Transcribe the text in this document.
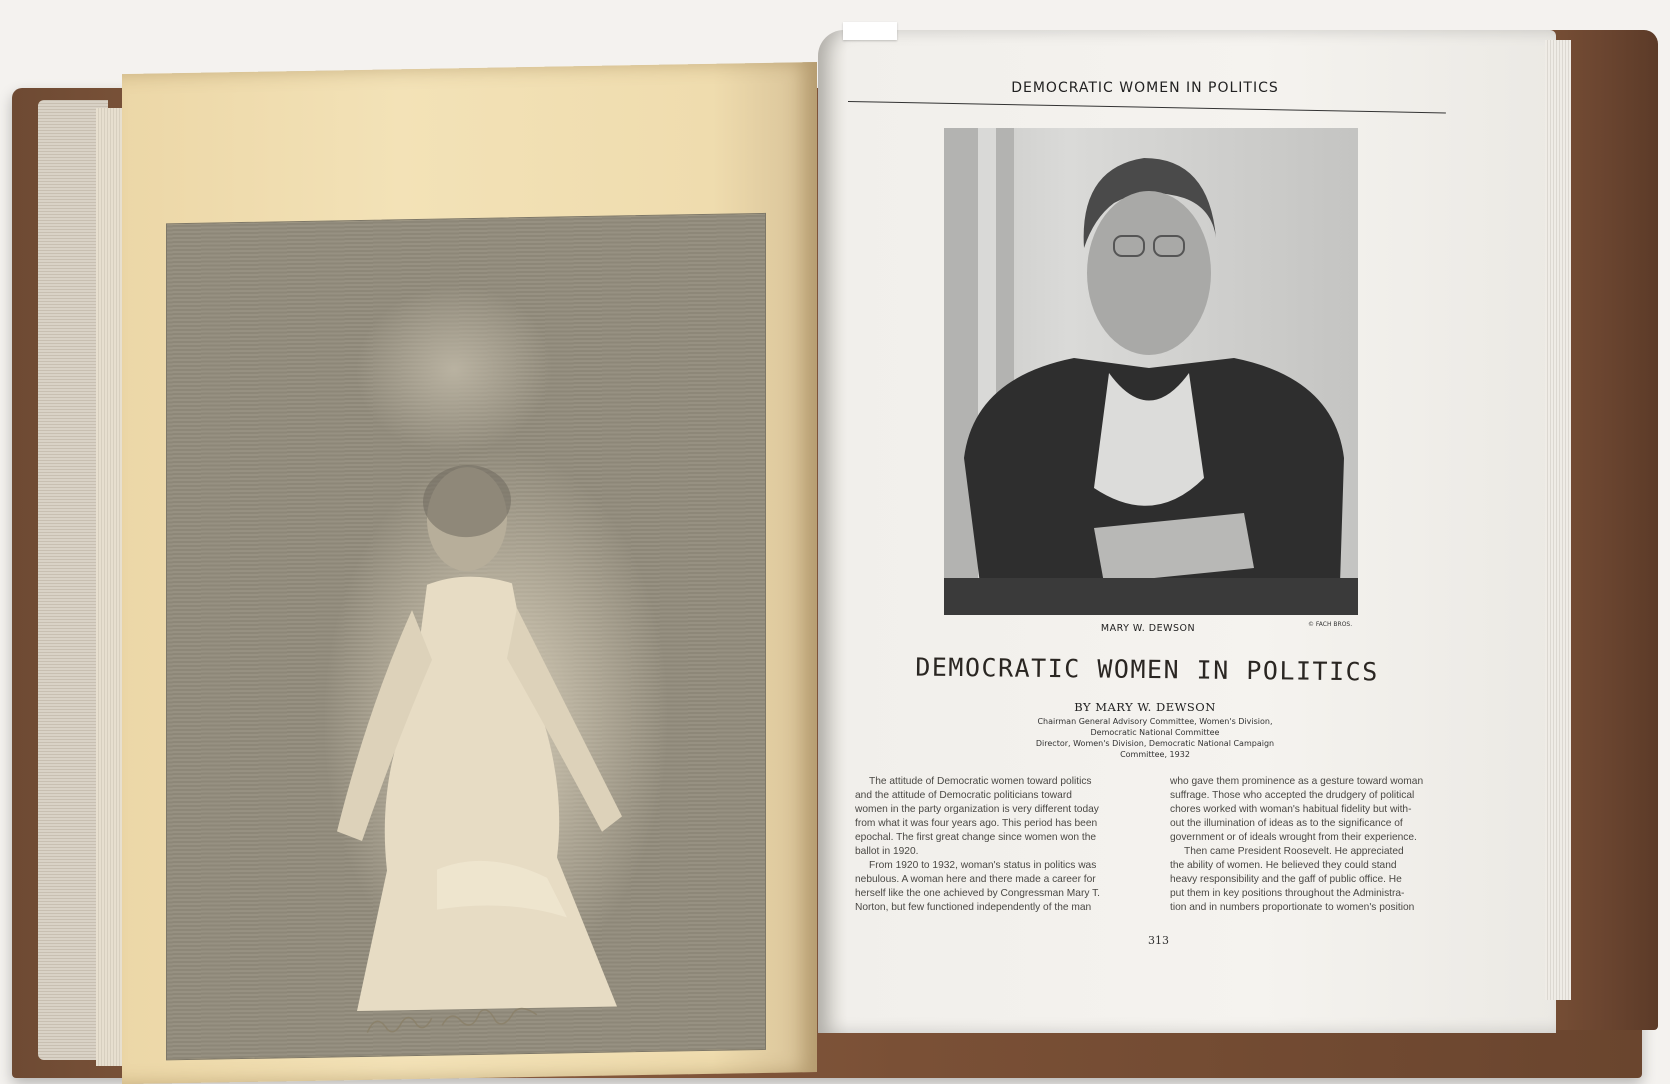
DEMOCRATIC WOMEN IN POLITICS
MARY W. DEWSON	© FACH BROS.
DEMOCRATIC WOMEN IN POLITICS
BY MARY W. DEWSON
Chairman General Advisory Committee, Women's Division,
Democratic National Committee
Director, Women's Division, Democratic National Campaign
Committee, 1932
The attitude of Democratic women toward politics
and the attitude of Democratic politicians toward
women in the party organization is very different today
from what it was four years ago. This period has been
epochal. The first great change since women won the
ballot in 1920.
From 1920 to 1932, woman's status in politics was
nebulous. A woman here and there made a career for
herself like the one achieved by Congressman Mary T.
Norton, but few functioned independently of the man
who gave them prominence as a gesture toward woman
suffrage. Those who accepted the drudgery of political
chores worked with woman's habitual fidelity but with-
out the illumination of ideas as to the significance of
government or of ideals wrought from their experience.
Then came President Roosevelt. He appreciated
the ability of women. He believed they could stand
heavy responsibility and the gaff of public office. He
put them in key positions throughout the Administra-
tion and in numbers proportionate to women's position
313
